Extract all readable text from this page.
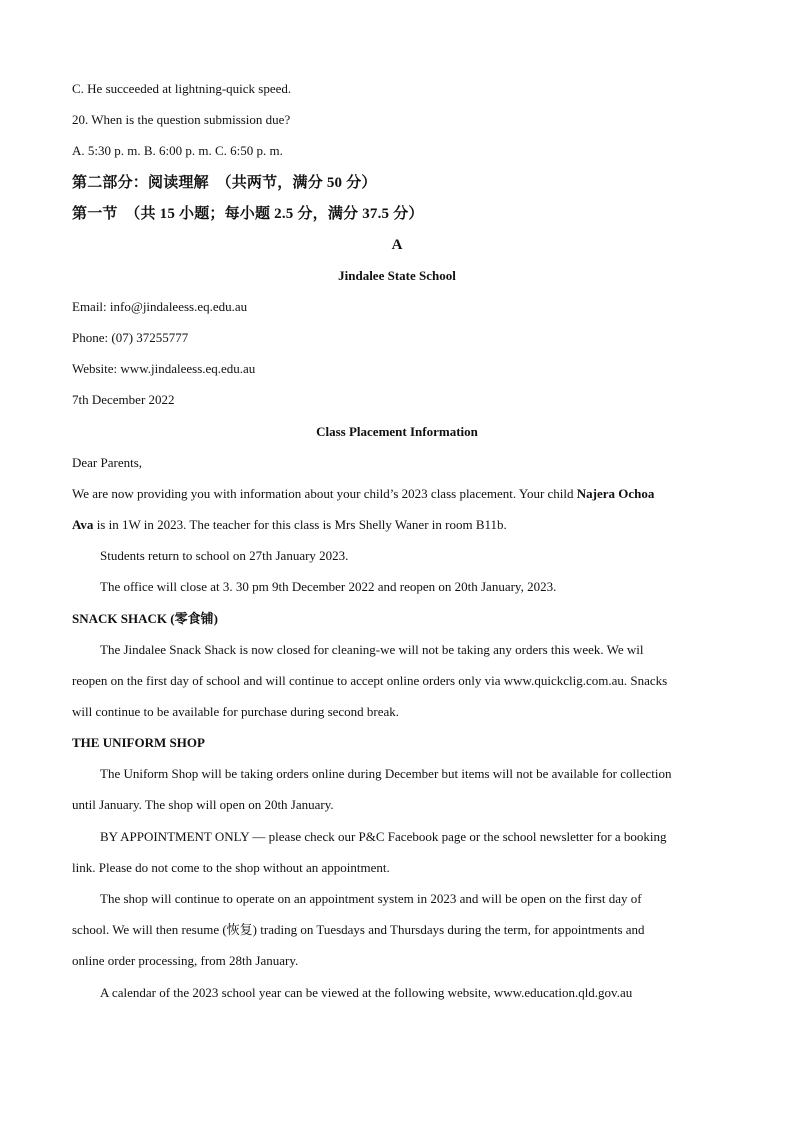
C. He succeeded at lightning-quick speed.
20. When is the question submission due?
A. 5:30 p. m. B. 6:00 p. m. C. 6:50 p. m.
第二部分：阅读理解　（共两节，满分 50 分）
第一节　（共 15 小题；每小题 2.5 分，满分 37.5 分）
A
Jindalee State School
Email: info@jindaleess.eq.edu.au
Phone: (07) 37255777
Website: www.jindaleess.eq.edu.au
7th December 2022
Class Placement Information
Dear Parents,
We are now providing you with information about your child’s 2023 class placement. Your child Najera Ochoa
Ava is in 1W in 2023. The teacher for this class is Mrs Shelly Waner in room B11b.
Students return to school on 27th January 2023.
The office will close at 3. 30 pm 9th December 2022 and reopen on 20th January, 2023.
SNACK SHACK (零食铺)
The Jindalee Snack Shack is now closed for cleaning-we will not be taking any orders this week. We wil
reopen on the first day of school and will continue to accept online orders only via www.quickclig.com.au. Snacks
will continue to be available for purchase during second break.
THE UNIFORM SHOP
The Uniform Shop will be taking orders online during December but items will not be available for collection
until January. The shop will open on 20th January.
BY APPOINTMENT ONLY — please check our P&C Facebook page or the school newsletter for a booking
link. Please do not come to the shop without an appointment.
The shop will continue to operate on an appointment system in 2023 and will be open on the first day of
school. We will then resume (恢复) trading on Tuesdays and Thursdays during the term, for appointments and
online order processing, from 28th January.
A calendar of the 2023 school year can be viewed at the following website, www.education.qld.gov.au
